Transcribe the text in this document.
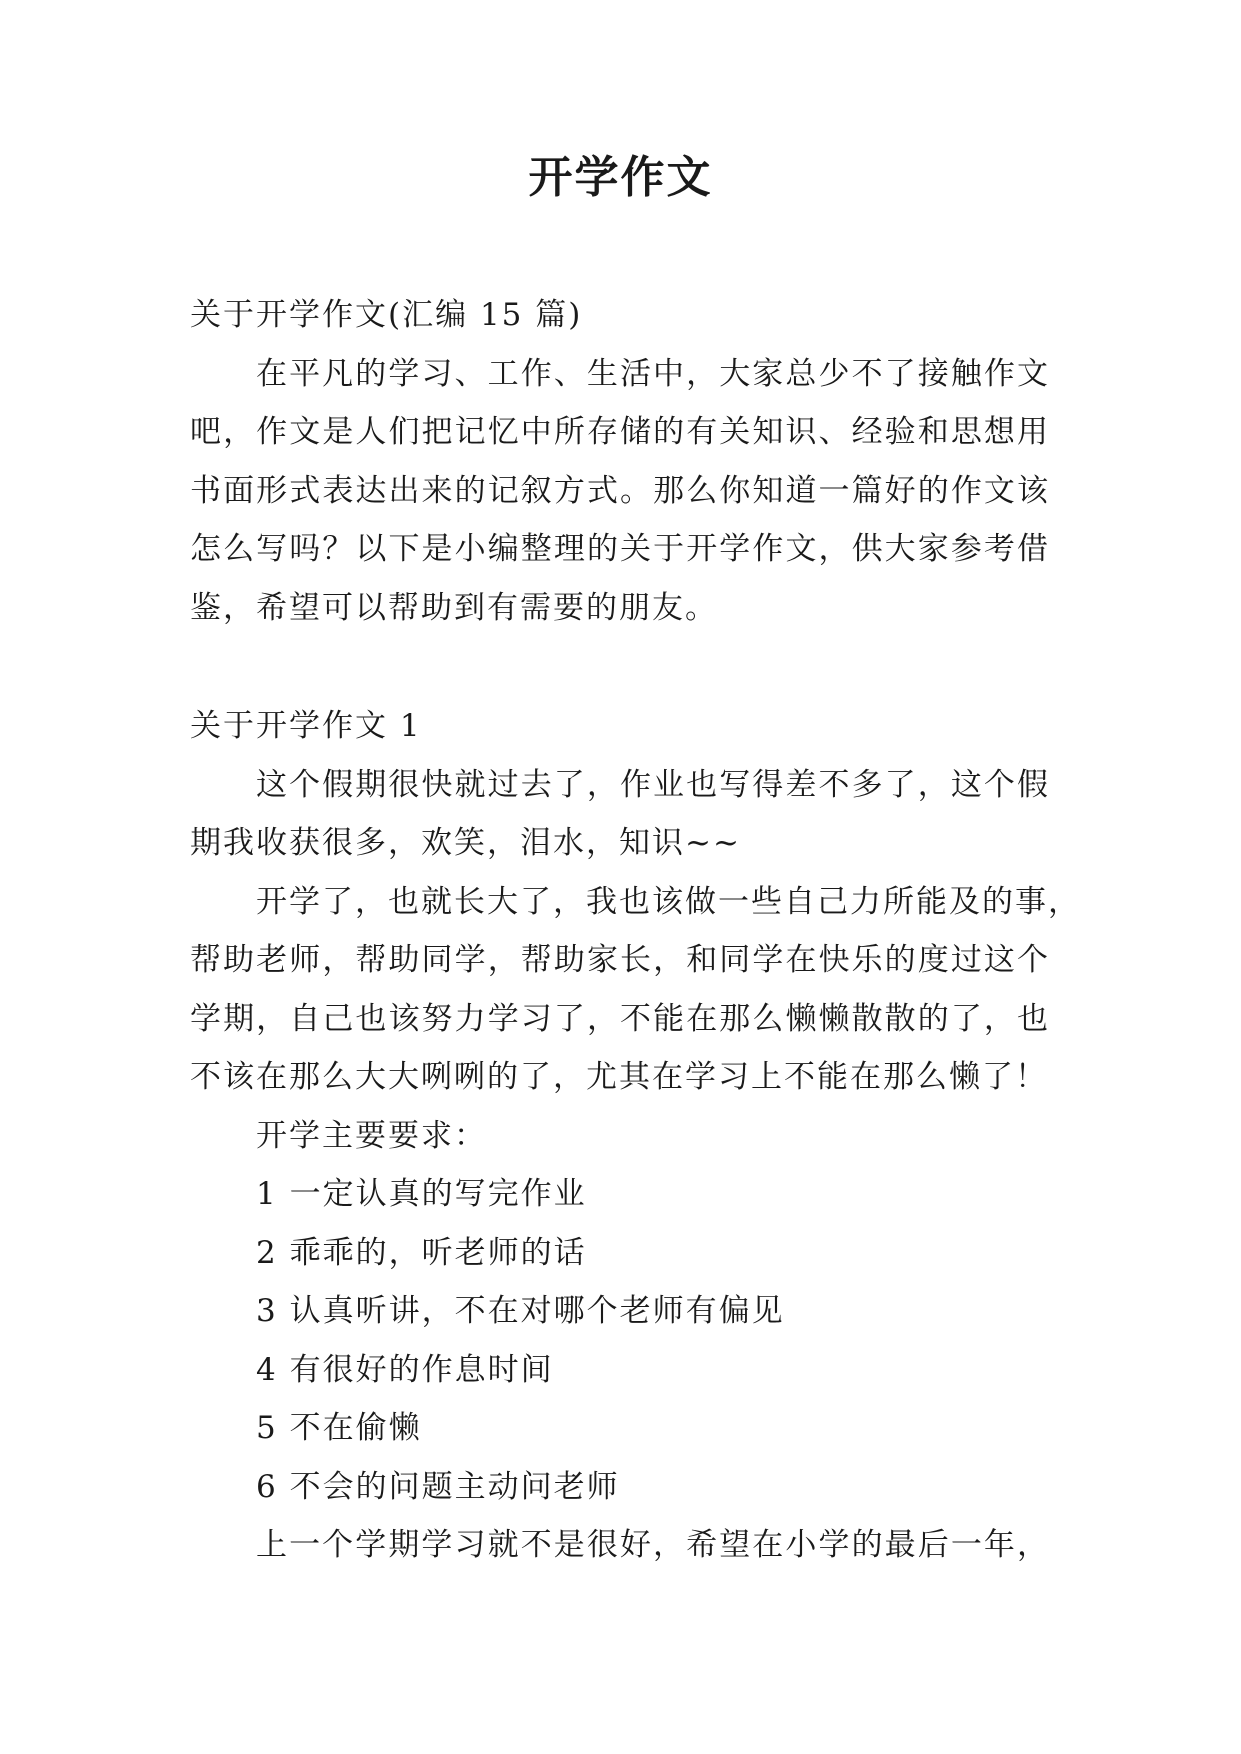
开学作文

关于开学作文(汇编 15 篇)

在平凡的学习、工作、生活中，大家总少不了接触作文

吧，作文是人们把记忆中所存储的有关知识、经验和思想用

书面形式表达出来的记叙方式。那么你知道一篇好的作文该

怎么写吗？以下是小编整理的关于开学作文，供大家参考借

鉴，希望可以帮助到有需要的朋友。

关于开学作文 1

这个假期很快就过去了，作业也写得差不多了，这个假

期我收获很多，欢笑，泪水，知识~~

开学了，也就长大了，我也该做一些自己力所能及的事，

帮助老师，帮助同学，帮助家长，和同学在快乐的度过这个

学期，自己也该努力学习了，不能在那么懒懒散散的了，也

不该在那么大大咧咧的了，尤其在学习上不能在那么懒了！

开学主要要求：

1 一定认真的写完作业

2 乖乖的，听老师的话

3 认真听讲，不在对哪个老师有偏见

4 有很好的作息时间

5 不在偷懒

6 不会的问题主动问老师

上一个学期学习就不是很好，希望在小学的最后一年，
